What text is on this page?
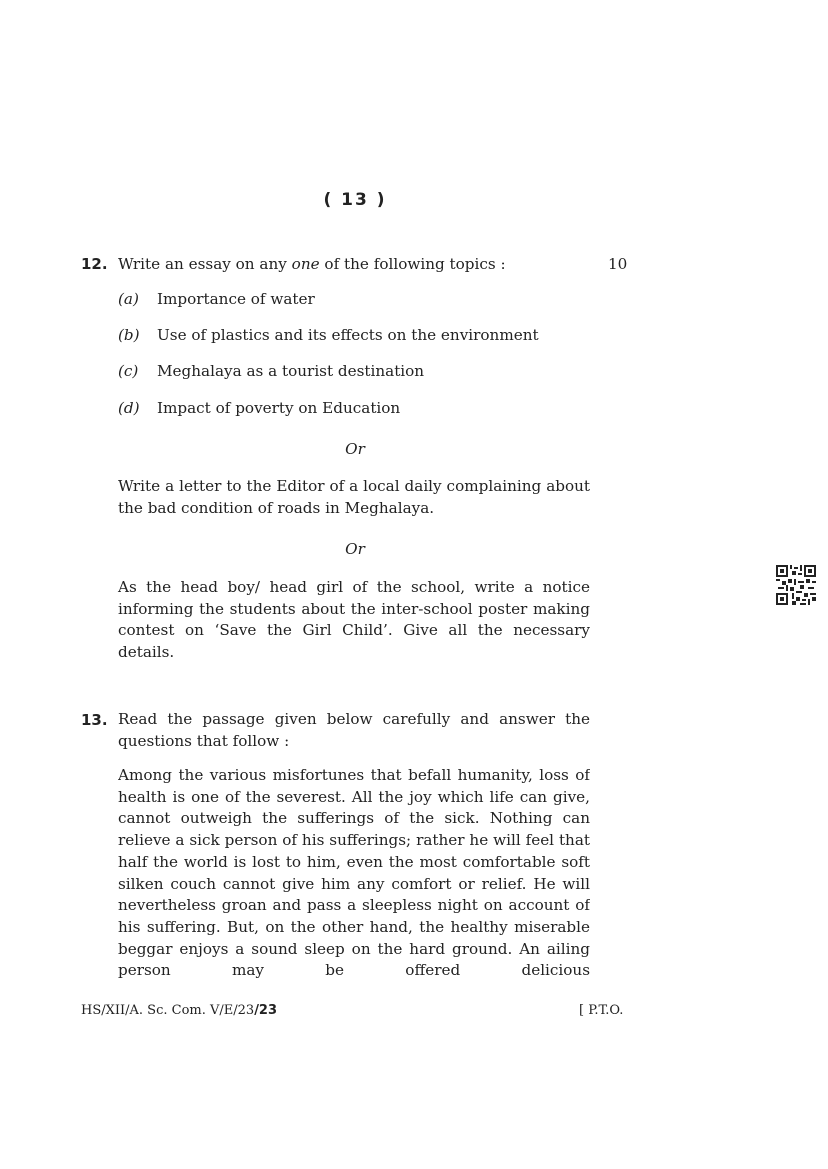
( 13 )
12. Write an essay on any one of the following topics :	10
(a) Importance of water
(b) Use of plastics and its effects on the environment
(c) Meghalaya as a tourist destination
(d) Impact of poverty on Education
Or
Write a letter to the Editor of a local daily complaining about the bad condition of roads in Meghalaya.
Or
As the head boy/ head girl of the school, write a notice informing the students about the inter-school poster making contest on ‘Save the Girl Child’. Give all the necessary details.
13. Read the passage given below carefully and answer the questions that follow :
Among the various misfortunes that befall humanity, loss of health is one of the severest. All the joy which life can give, cannot outweigh the sufferings of the sick. Nothing can relieve a sick person of his sufferings; rather he will feel that half the world is lost to him, even the most comfortable soft silken couch cannot give him any comfort or relief. He will nevertheless groan and pass a sleepless night on account of his suffering. But, on the other hand, the healthy miserable beggar enjoys a sound sleep on the hard ground. An ailing person may be offered delicious
HS/XII/A. Sc. Com. V/E/23/23	[ P.T.O.
